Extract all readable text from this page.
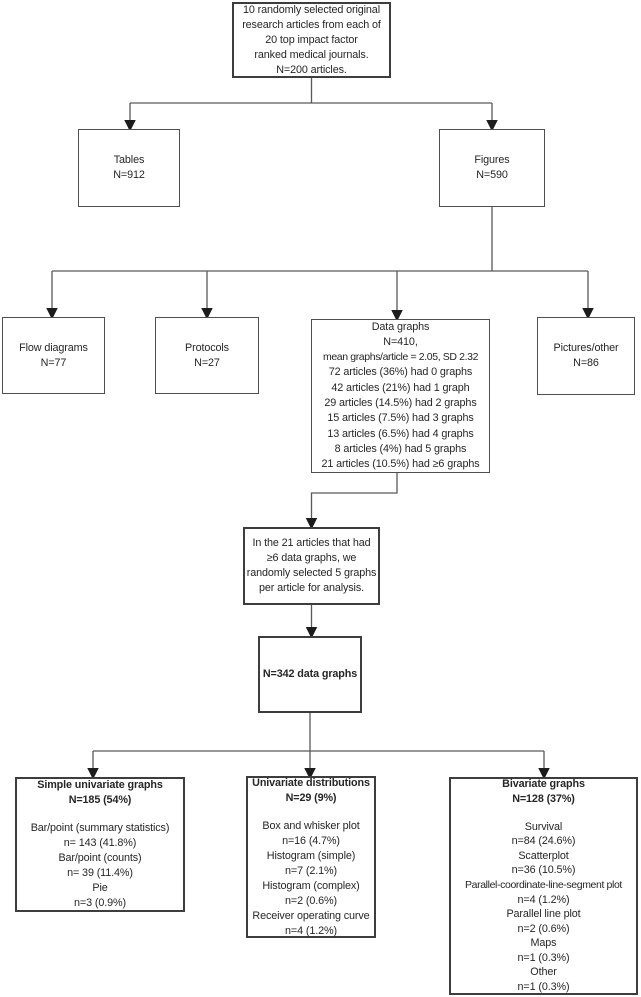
10 randomly selected original
research articles from each of
20 top impact factor
ranked medical journals.
N=200 articles.
Tables
N=912
Figures
N=590
Flow diagrams
N=77
Protocols
N=27
Data graphs
N=410,
mean graphs/article = 2.05, SD 2.32
72 articles (36%) had 0 graphs
42 articles (21%) had 1 graph
29 articles (14.5%) had 2 graphs
15 articles (7.5%) had 3 graphs
13 articles (6.5%) had 4 graphs
8 articles (4%) had 5 graphs
21 articles (10.5%) had ≥6 graphs
Pictures/other
N=86
In the 21 articles that had
≥6 data graphs, we
randomly selected 5 graphs
per article for analysis.
N=342 data graphs
Simple univariate graphs
N=185 (54%)
Bar/point (summary statistics)
n= 143 (41.8%)
Bar/point (counts)
n= 39 (11.4%)
Pie
n=3 (0.9%)
Univariate distributions
N=29 (9%)
Box and whisker plot
n=16 (4.7%)
Histogram (simple)
n=7 (2.1%)
Histogram (complex)
n=2 (0.6%)
Receiver operating curve
n=4 (1.2%)
Bivariate graphs
N=128 (37%)
Survival
n=84 (24.6%)
Scatterplot
n=36 (10.5%)
Parallel-coordinate-line-segment plot
n=4 (1.2%)
Parallel line plot
n=2 (0.6%)
Maps
n=1 (0.3%)
Other
n=1 (0.3%)
